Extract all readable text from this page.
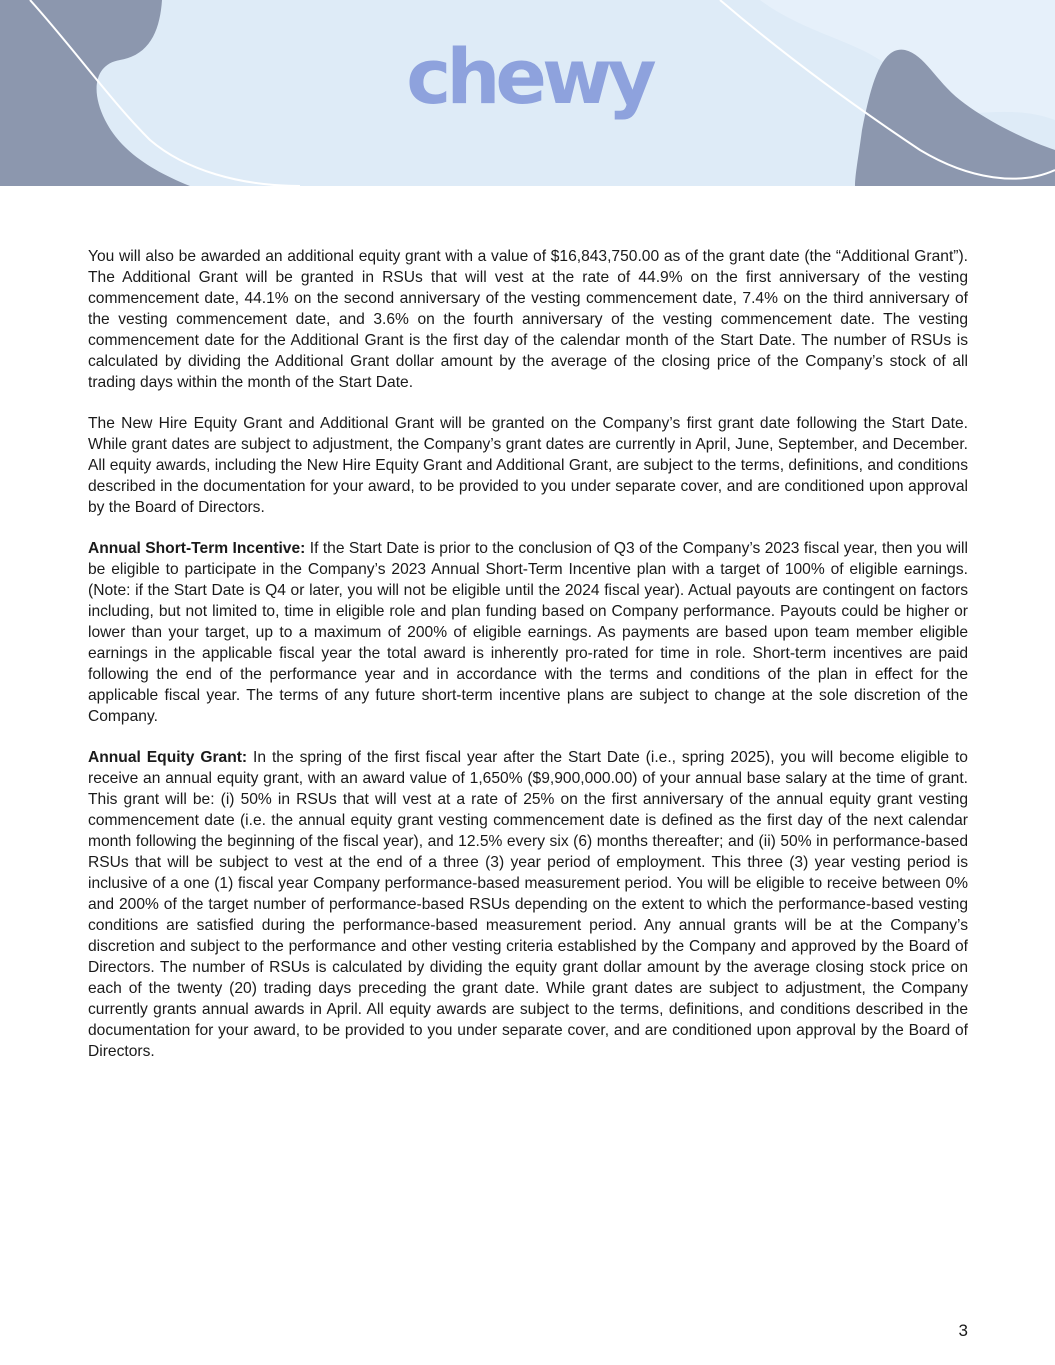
chewy

You will also be awarded an additional equity grant with a value of $16,843,750.00 as of the grant date (the “Additional Grant”). The Additional Grant will be granted in RSUs that will vest at the rate of 44.9% on the first anniversary of the vesting commencement date, 44.1% on the second anniversary of the vesting commencement date, 7.4% on the third anniversary of the vesting commencement date, and 3.6% on the fourth anniversary of the vesting commencement date. The vesting commencement date for the Additional Grant is the first day of the calendar month of the Start Date. The number of RSUs is calculated by dividing the Additional Grant dollar amount by the average of the closing price of the Company’s stock of all trading days within the month of the Start Date.

The New Hire Equity Grant and Additional Grant will be granted on the Company’s first grant date following the Start Date. While grant dates are subject to adjustment, the Company’s grant dates are currently in April, June, September, and December. All equity awards, including the New Hire Equity Grant and Additional Grant, are subject to the terms, definitions, and conditions described in the documentation for your award, to be provided to you under separate cover, and are conditioned upon approval by the Board of Directors.

Annual Short-Term Incentive: If the Start Date is prior to the conclusion of Q3 of the Company’s 2023 fiscal year, then you will be eligible to participate in the Company’s 2023 Annual Short-Term Incentive plan with a target of 100% of eligible earnings. (Note: if the Start Date is Q4 or later, you will not be eligible until the 2024 fiscal year). Actual payouts are contingent on factors including, but not limited to, time in eligible role and plan funding based on Company performance. Payouts could be higher or lower than your target, up to a maximum of 200% of eligible earnings. As payments are based upon team member eligible earnings in the applicable fiscal year the total award is inherently pro-rated for time in role. Short-term incentives are paid following the end of the performance year and in accordance with the terms and conditions of the plan in effect for the applicable fiscal year. The terms of any future short-term incentive plans are subject to change at the sole discretion of the Company.

Annual Equity Grant: In the spring of the first fiscal year after the Start Date (i.e., spring 2025), you will become eligible to receive an annual equity grant, with an award value of 1,650% ($9,900,000.00) of your annual base salary at the time of grant. This grant will be: (i) 50% in RSUs that will vest at a rate of 25% on the first anniversary of the annual equity grant vesting commencement date (i.e. the annual equity grant vesting commencement date is defined as the first day of the next calendar month following the beginning of the fiscal year), and 12.5% every six (6) months thereafter; and (ii) 50% in performance-based RSUs that will be subject to vest at the end of a three (3) year period of employment. This three (3) year vesting period is inclusive of a one (1) fiscal year Company performance-based measurement period. You will be eligible to receive between 0% and 200% of the target number of performance-based RSUs depending on the extent to which the performance-based vesting conditions are satisfied during the performance-based measurement period. Any annual grants will be at the Company’s discretion and subject to the performance and other vesting criteria established by the Company and approved by the Board of Directors. The number of RSUs is calculated by dividing the equity grant dollar amount by the average closing stock price on each of the twenty (20) trading days preceding the grant date. While grant dates are subject to adjustment, the Company currently grants annual awards in April. All equity awards are subject to the terms, definitions, and conditions described in the documentation for your award, to be provided to you under separate cover, and are conditioned upon approval by the Board of Directors.

3
